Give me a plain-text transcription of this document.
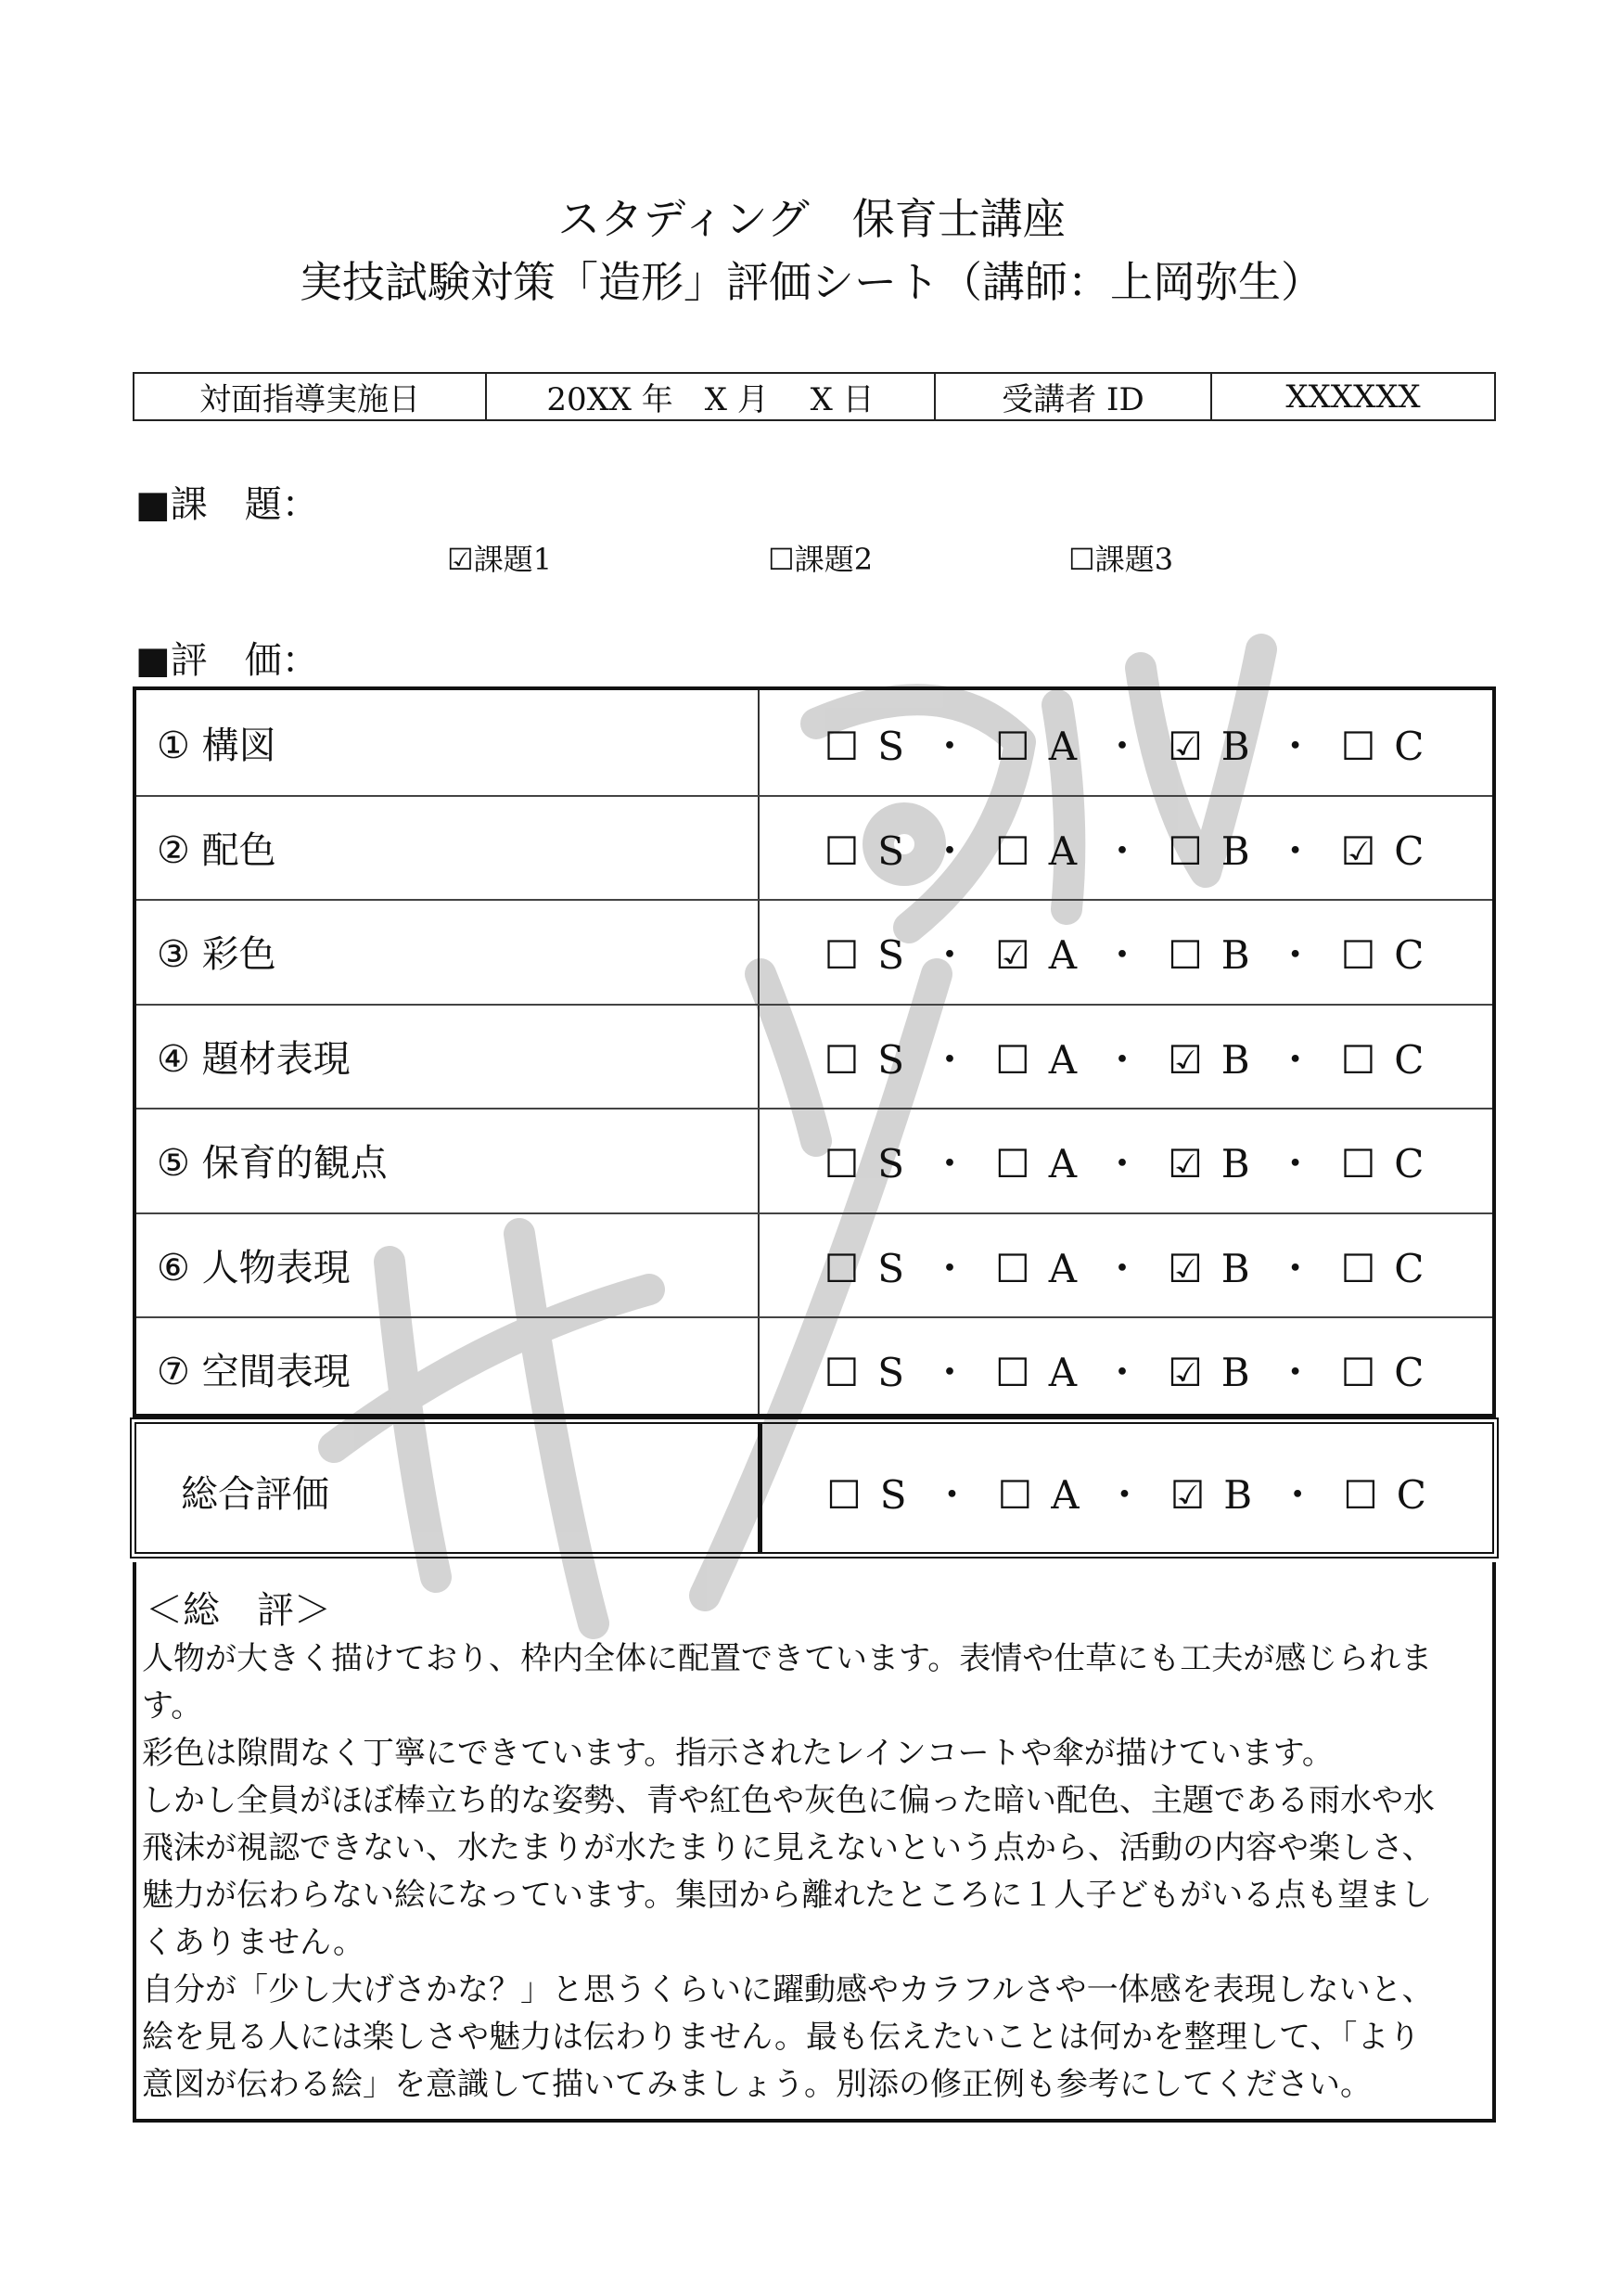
スタディング　保育士講座
実技試験対策「造形」評価シート（講師：上岡弥生）
対面指導実施日	20XX 年　X 月　 X 日	受講者 ID	XXXXXX
■課　題：
☑課題1	☐課題2	☐課題3
■評　価：
① 構図	☐ S ・ ☐ A ・ ☑ B ・ ☐ C
② 配色	☐ S ・ ☐ A ・ ☐ B ・ ☑ C
③ 彩色	☐ S ・ ☑ A ・ ☐ B ・ ☐ C
④ 題材表現	☐ S ・ ☐ A ・ ☑ B ・ ☐ C
⑤ 保育的観点	☐ S ・ ☐ A ・ ☑ B ・ ☐ C
⑥ 人物表現	☐ S ・ ☐ A ・ ☑ B ・ ☐ C
⑦ 空間表現	☐ S ・ ☐ A ・ ☑ B ・ ☐ C
総合評価	☐ S ・ ☐ A ・ ☑ B ・ ☐ C
＜総　評＞
人物が大きく描けており、枠内全体に配置できています。表情や仕草にも工夫が感じられま
す。
彩色は隙間なく丁寧にできています。指示されたレインコートや傘が描けています。
しかし全員がほぼ棒立ち的な姿勢、青や紅色や灰色に偏った暗い配色、主題である雨水や水
飛沫が視認できない、水たまりが水たまりに見えないという点から、活動の内容や楽しさ、
魅力が伝わらない絵になっています。集団から離れたところに１人子どもがいる点も望まし
くありません。
自分が「少し大げさかな？」と思うくらいに躍動感やカラフルさや一体感を表現しないと、
絵を見る人には楽しさや魅力は伝わりません。最も伝えたいことは何かを整理して、「より
意図が伝わる絵」を意識して描いてみましょう。別添の修正例も参考にしてください。
